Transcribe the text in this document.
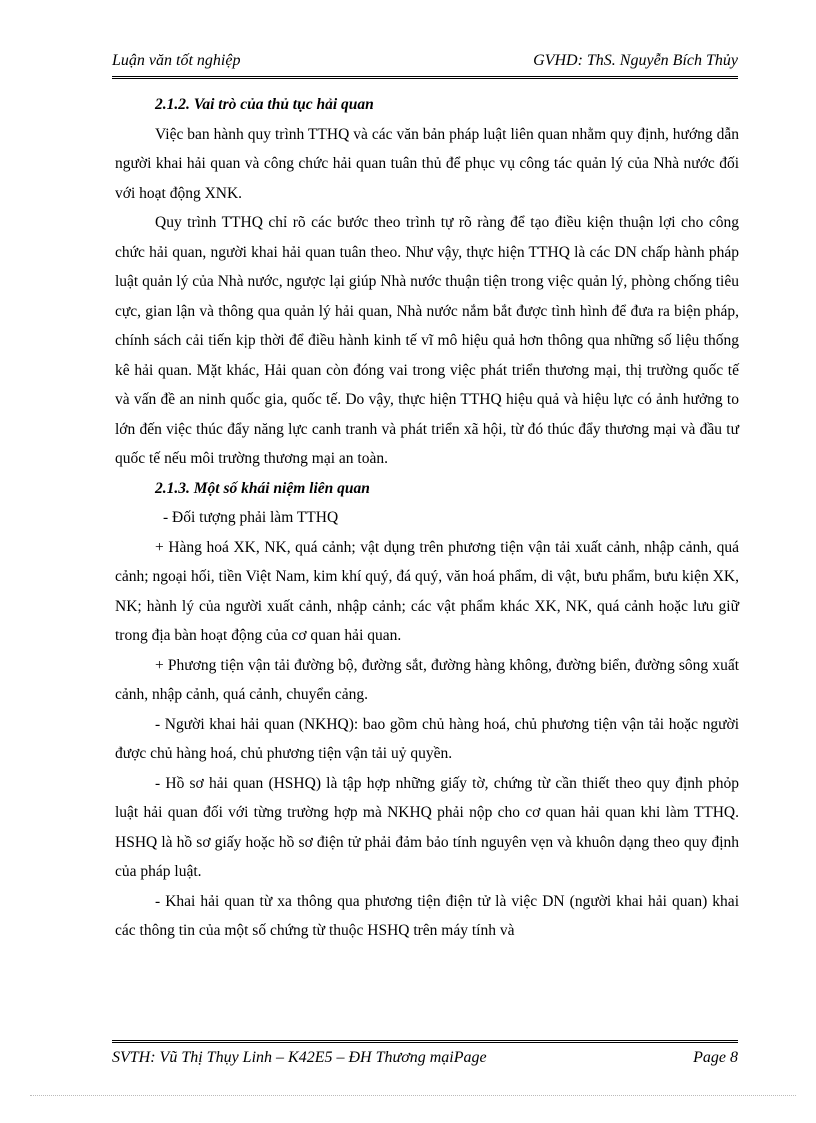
Luận văn tốt nghiệp	GVHD: ThS. Nguyễn Bích Thủy

2.1.2. Vai trò của thủ tục hải quan

Việc ban hành quy trình TTHQ và các văn bản pháp luật liên quan nhằm quy định, hướng dẫn người khai hải quan và công chức hải quan tuân thủ để phục vụ công tác quản lý của Nhà nước đối với hoạt động XNK.

Quy trình TTHQ chỉ rõ các bước theo trình tự rõ ràng để tạo điều kiện thuận lợi cho công chức hải quan, người khai hải quan tuân theo. Như vậy, thực hiện TTHQ là các DN chấp hành pháp luật quản lý của Nhà nước, ngược lại giúp Nhà nước thuận tiện trong việc quản lý, phòng chống tiêu cực, gian lận và thông qua quản lý hải quan, Nhà nước nắm bắt được tình hình để đưa ra biện pháp, chính sách cải tiến kịp thời để điều hành kinh tế vĩ mô hiệu quả hơn thông qua những số liệu thống kê hải quan. Mặt khác, Hải quan còn đóng vai trong việc phát triển thương mại, thị trường quốc tế và vấn đề an ninh quốc gia, quốc tế. Do vậy, thực hiện TTHQ hiệu quả và hiệu lực có ảnh hưởng to lớn đến việc thúc đẩy năng lực canh tranh và phát triển xã hội, từ đó thúc đẩy thương mại và đầu tư quốc tế nếu môi trường thương mại an toàn.

2.1.3. Một số khái niệm liên quan

- Đối tượng phải làm TTHQ

+ Hàng hoá XK, NK, quá cảnh; vật dụng trên phương tiện vận tải xuất cảnh, nhập cảnh, quá cảnh; ngoại hối, tiền Việt Nam, kim khí quý, đá quý, văn hoá phẩm, di vật, bưu phẩm, bưu kiện XK, NK; hành lý của người xuất cảnh, nhập cảnh; các vật phẩm khác XK, NK, quá cảnh hoặc lưu giữ trong địa bàn hoạt động của cơ quan hải quan.

+ Phương tiện vận tải đường bộ, đường sắt, đường hàng không, đường biển, đường sông xuất cảnh, nhập cảnh, quá cảnh, chuyển cảng.

- Người khai hải quan (NKHQ): bao gồm chủ hàng hoá, chủ phương tiện vận tải hoặc người được chủ hàng hoá, chủ phương tiện vận tải uỷ quyền.

- Hồ sơ hải quan (HSHQ) là tập hợp những giấy tờ, chứng từ cần thiết theo quy định phỏp luật hải quan đối với từng trường hợp mà NKHQ phải nộp cho cơ quan hải quan khi làm TTHQ. HSHQ là hồ sơ giấy hoặc hồ sơ điện tử phải đảm bảo tính nguyên vẹn và khuôn dạng theo quy định của pháp luật.

- Khai hải quan từ xa thông qua phương tiện điện tử là việc DN (người khai hải quan) khai các thông tin của một số chứng từ thuộc HSHQ trên máy tính và

SVTH: Vũ Thị Thụy Linh – K42E5 – ĐH Thương mạiPage	Page 8
